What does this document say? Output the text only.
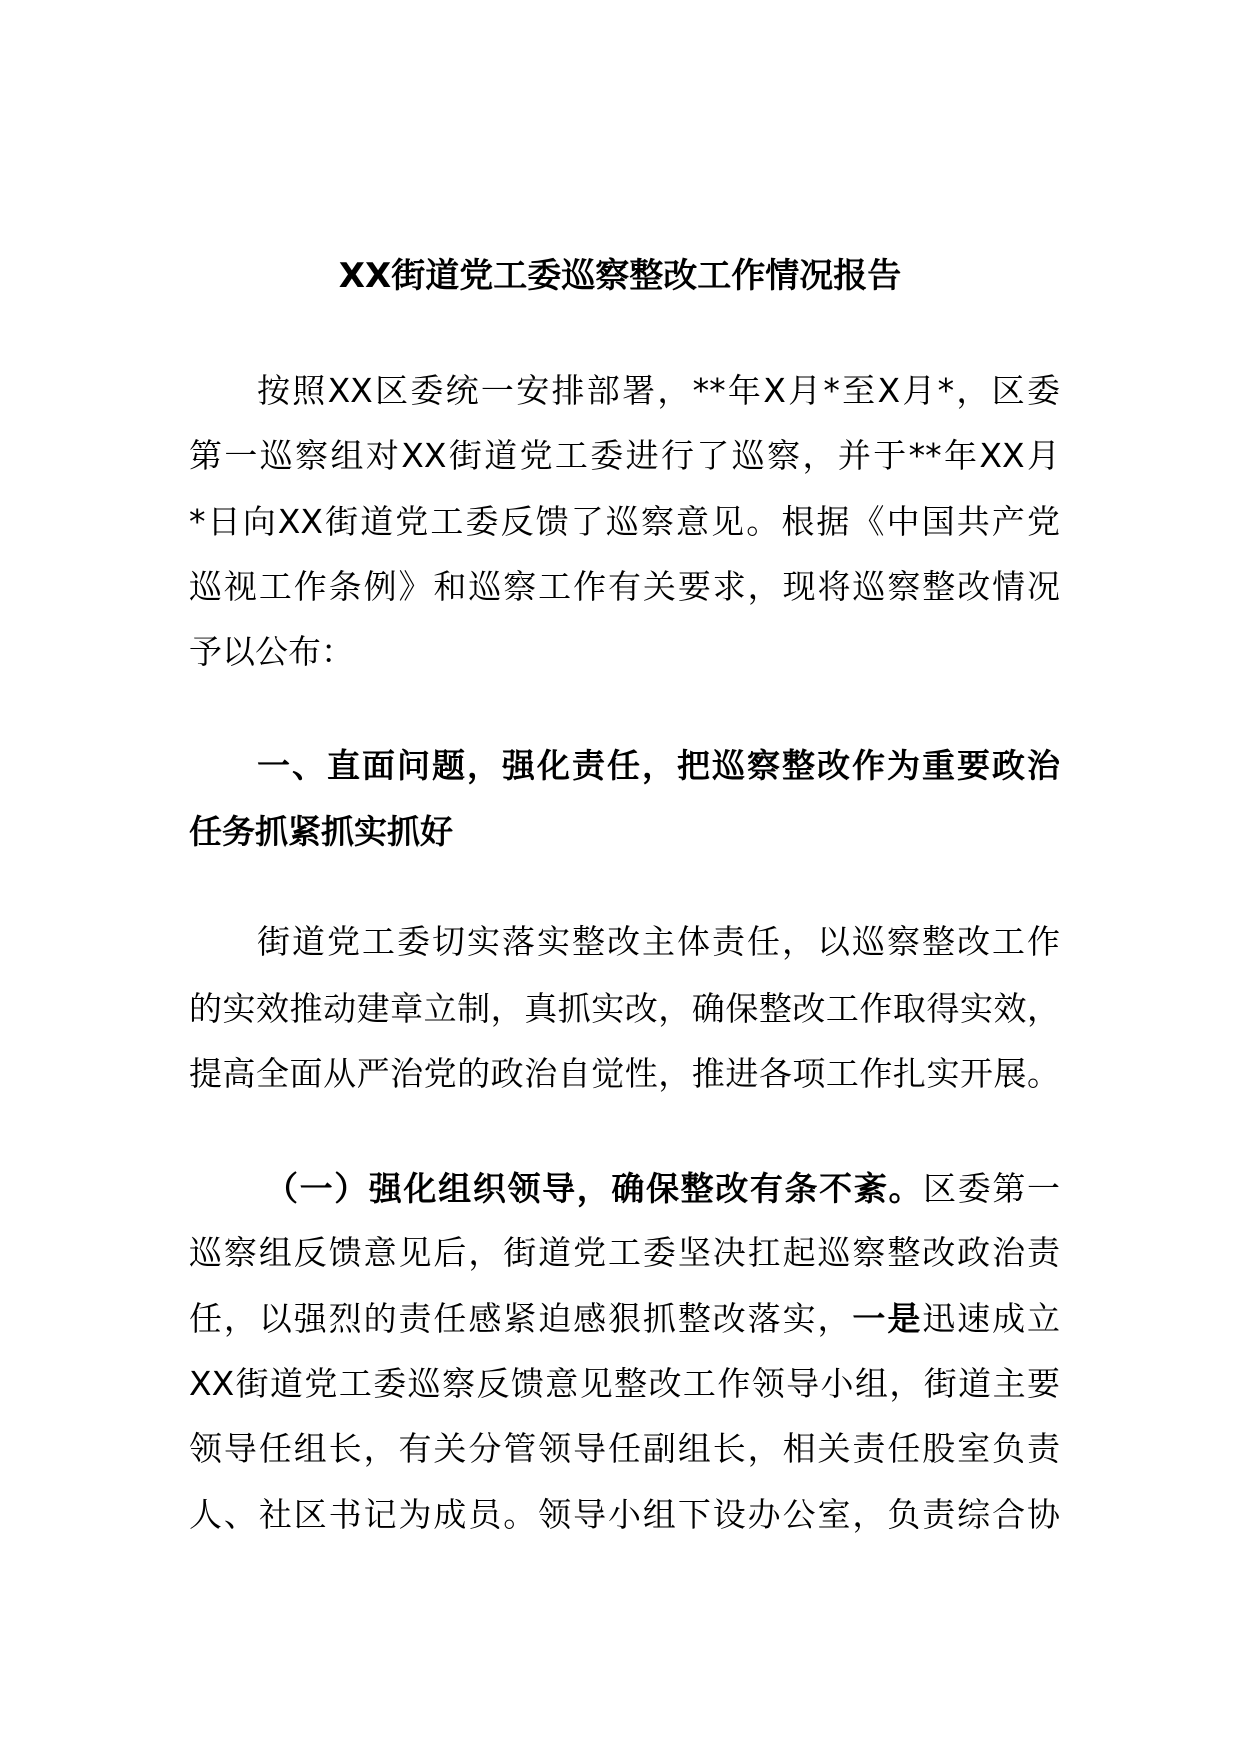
XX街道党工委巡察整改工作情况报告
按照XX区委统一安排部署，**年X月*至X月*，区委
第一巡察组对XX街道党工委进行了巡察，并于**年XX月
*日向XX街道党工委反馈了巡察意见。根据《中国共产党
巡视工作条例》和巡察工作有关要求，现将巡察整改情况
予以公布：
一、直面问题，强化责任，把巡察整改作为重要政治
任务抓紧抓实抓好
街道党工委切实落实整改主体责任，以巡察整改工作
的实效推动建章立制，真抓实改，确保整改工作取得实效，
提高全面从严治党的政治自觉性，推进各项工作扎实开展。
（一）强化组织领导，确保整改有条不紊。区委第一
巡察组反馈意见后，街道党工委坚决扛起巡察整改政治责
任，以强烈的责任感紧迫感狠抓整改落实，一是迅速成立
XX街道党工委巡察反馈意见整改工作领导小组，街道主要
领导任组长，有关分管领导任副组长，相关责任股室负责
人、社区书记为成员。领导小组下设办公室，负责综合协
